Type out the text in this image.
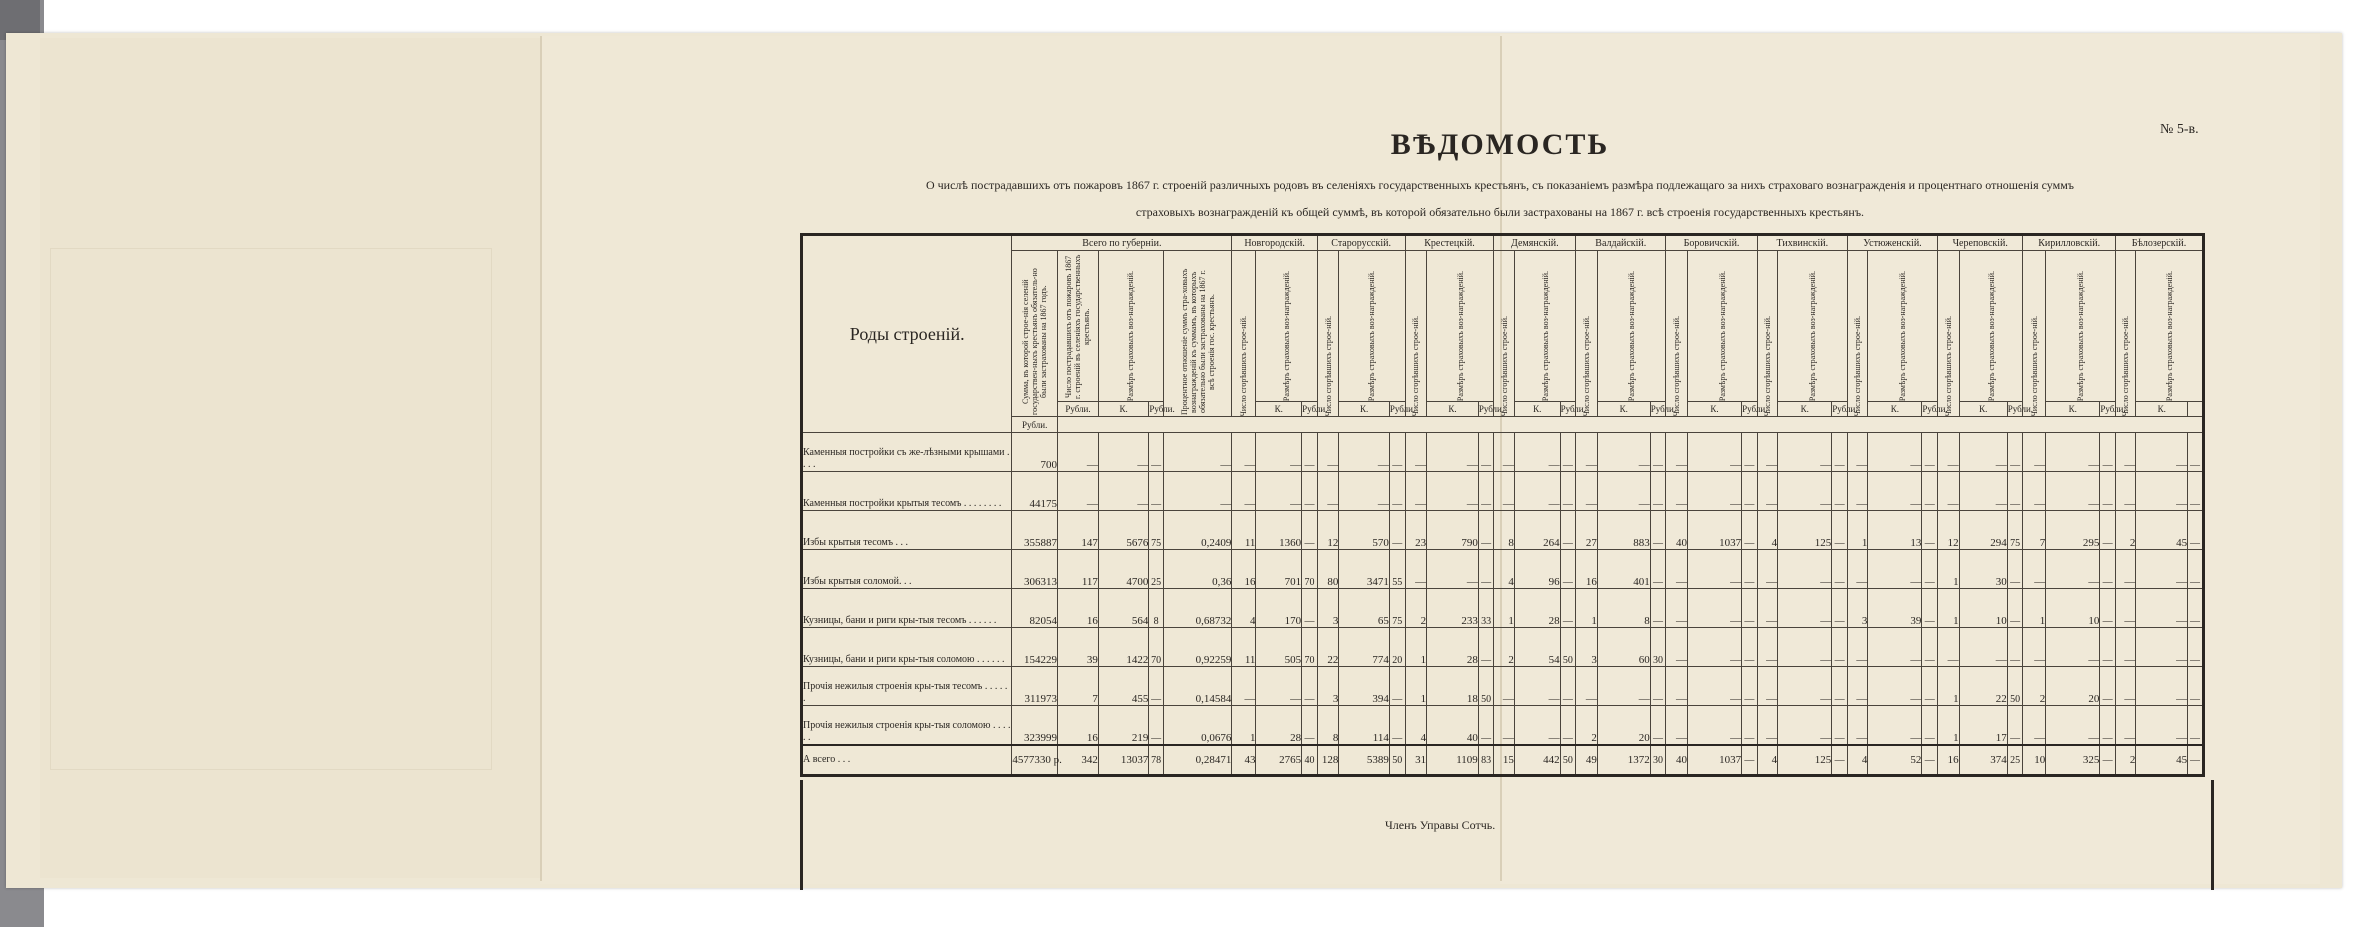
ВѢДОМОСТЬ	№ 5-в.
О числѣ пострадавшихъ отъ пожаровъ 1867 г. строеній различныхъ родовъ въ селеніяхъ государственныхъ крестьянъ, съ показаніемъ размѣра подлежащаго за нихъ страховаго вознагражденія и процентнаго отношенія суммъ
страховыхъ вознагражденій къ общей суммѣ, въ которой обязательно были застрахованы на 1867 г. всѣ строенія государственныхъ крестьянъ.
Роды строеній.	Всего по губерніи.					Новгородскій.			Старорусскій.			Крестецкій.			Демянскій.			Валдайскій.			Боровичскій.			Тихвинскій.			Устюженскій.			Череповскій.			Кирилловскій.			Бѣлозерскій.		

	Сумма, въ которой строе-нія селеній государствен-ныхъ крестьянъ обязатель-но были застрахованы на 1867 годъ.	Число пострадавшихъ отъ пожаровъ 1867 г. строеній въ селеніяхъ государственныхъ крестьянъ.	Размѣръ страховыхъ воз-награжденій.		Процентное отношеніе суммъ стра-ховыхъ вознагражденій къ суммамъ, въ которыхъ обязательно были застрахованы на 1867 г. всѣ строенія гос. крестьянъ.	Число сгорѣвшихъ строе-ній.	Размѣръ страховыхъ воз-награжденій.		Число сгорѣвшихъ строе-ній.	Размѣръ страховыхъ воз-награжденій.		Число сгорѣвшихъ строе-ній.	Размѣръ страховыхъ воз-награжденій.		Число сгорѣвшихъ строе-ній.	Размѣръ страховыхъ воз-награжденій.		Число сгорѣвшихъ строе-ній.	Размѣръ страховыхъ воз-награжденій.		Число сгорѣвшихъ строе-ній.	Размѣръ страховыхъ воз-награжденій.		Число сгорѣвшихъ строе-ній.	Размѣръ страховыхъ воз-награжденій.		Число сгорѣвшихъ строе-ній.	Размѣръ страховыхъ воз-награжденій.		Число сгорѣвшихъ строе-ній.	Размѣръ страховыхъ воз-награжденій.		Число сгорѣвшихъ строе-ній.	Размѣръ страховыхъ воз-награжденій.		Число сгорѣвшихъ строе-ній.	Размѣръ страховыхъ воз-награжденій.	

		Рубли.	К.	Рубли.			К.	Рубли.		К.	Рубли.		К.	Рубли.		К.	Рубли.		К.	Рубли.		К.	Рубли.		К.	Рубли.		К.	Рубли.		К.	Рубли.		К.	Рубли.		К.	
	Рубли.																																					
Каменныя постройки съ же-лѣзными крышами . . . .	700	—	—	—	—	—	—	—	—	—	—	—	—	—	—	—	—	—	—	—	—	—	—	—	—	—	—	—	—	—	—	—	—	—	—	—	—	—
Каменныя постройки крытыя тесомъ . . . . . . . .	44175	—	—	—	—	—	—	—	—	—	—	—	—	—	—	—	—	—	—	—	—	—	—	—	—	—	—	—	—	—	—	—	—	—	—	—	—	—
Избы крытыя тесомъ . . .	355887	147	5676	75	0,2409	11	1360	—	12	570	—	23	790	—	8	264	—	27	883	—	40	1037	—	4	125	—	1	13	—	12	294	75	7	295	—	2	45	—
Избы крытыя соломой. . .	306313	117	4700	25	0,36	16	701	70	80	3471	55	—	—	—	4	96	—	16	401	—	—	—	—	—	—	—	—	—	—	1	30	—	—	—	—	—	—	—
Кузницы, бани и риги кры-тыя тесомъ . . . . . .	82054	16	564	8	0,68732	4	170	—	3	65	75	2	233	33	1	28	—	1	8	—	—	—	—	—	—	—	3	39	—	1	10	—	1	10	—	—	—	—
Кузницы, бани и риги кры-тыя соломою . . . . . .	154229	39	1422	70	0,92259	11	505	70	22	774	20	1	28	—	2	54	50	3	60	30	—	—	—	—	—	—	—	—	—	—	—	—	—	—	—	—	—	—
Прочія нежилыя строенія кры-тыя тесомъ . . . . . .	311973	7	455	—	0,14584	—	—	—	3	394	—	1	18	50	—	—	—	—	—	—	—	—	—	—	—	—	—	—	—	1	22	50	2	20	—	—	—	—
Прочія нежилыя строенія кры-тыя соломою . . . . . .	323999	16	219	—	0,0676	1	28	—	8	114	—	4	40	—	—	—	—	2	20	—	—	—	—	—	—	—	—	—	—	1	17	—	—	—	—	—	—	—
А всего . . .	4577330 р.	342	13037	78	0,28471	43	2765	40	128	5389	50	31	1109	83	15	442	50	49	1372	30	40	1037	—	4	125	—	4	52	—	16	374	25	10	325	—	2	45	—
Членъ Управы Сотчь.
